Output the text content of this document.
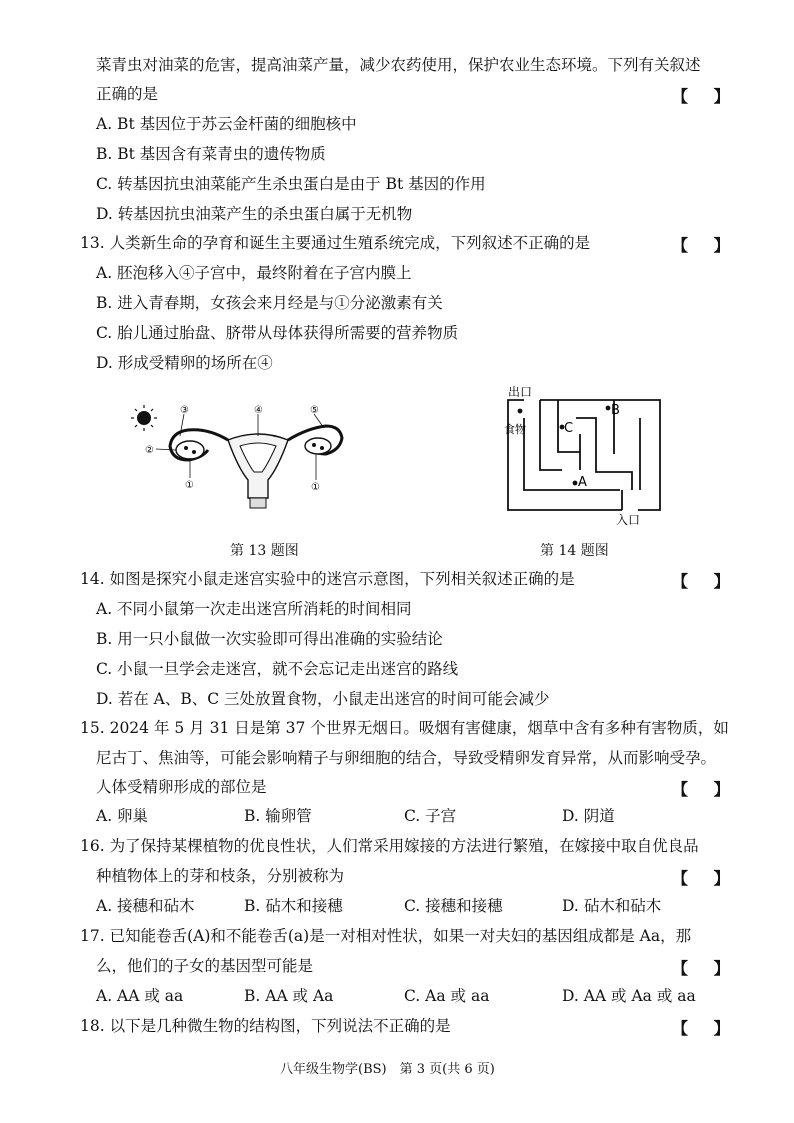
菜青虫对油菜的危害，提高油菜产量，减少农药使用，保护农业生态环境。下列有关叙述
正确的是	【 】
A. Bt 基因位于苏云金杆菌的细胞核中
B. Bt 基因含有菜青虫的遗传物质
C. 转基因抗虫油菜能产生杀虫蛋白是由于 Bt 基因的作用
D. 转基因抗虫油菜产生的杀虫蛋白属于无机物
13. 人类新生命的孕育和诞生主要通过生殖系统完成，下列叙述不正确的是	【 】
A. 胚泡移入④子宫中，最终附着在子宫内膜上
B. 进入青春期，女孩会来月经是与①分泌激素有关
C. 胎儿通过胎盘、脐带从母体获得所需要的营养物质
D. 形成受精卵的场所在④
③
②
④	⑤
①	①
第 13 题图
出口
食物	C
B
A
入口
第 14 题图
14. 如图是探究小鼠走迷宫实验中的迷宫示意图，下列相关叙述正确的是	【 】
A. 不同小鼠第一次走出迷宫所消耗的时间相同
B. 用一只小鼠做一次实验即可得出准确的实验结论
C. 小鼠一旦学会走迷宫，就不会忘记走出迷宫的路线
D. 若在 A、B、C 三处放置食物，小鼠走出迷宫的时间可能会减少
15. 2024 年 5 月 31 日是第 37 个世界无烟日。吸烟有害健康，烟草中含有多种有害物质，如
尼古丁、焦油等，可能会影响精子与卵细胞的结合，导致受精卵发育异常，从而影响受孕。
人体受精卵形成的部位是	【 】
A. 卵巢	B. 输卵管	C. 子宫	D. 阴道
16. 为了保持某棵植物的优良性状，人们常采用嫁接的方法进行繁殖，在嫁接中取自优良品
种植物体上的芽和枝条，分别被称为	【 】
A. 接穗和砧木	B. 砧木和接穗	C. 接穗和接穗	D. 砧木和砧木
17. 已知能卷舌(A)和不能卷舌(a)是一对相对性状，如果一对夫妇的基因组成都是 Aa，那
么，他们的子女的基因型可能是	【 】
A. AA 或 aa	B. AA 或 Aa	C. Aa 或 aa	D. AA 或 Aa 或 aa
18. 以下是几种微生物的结构图，下列说法不正确的是	【 】
八年级生物学(BS)　第 3 页(共 6 页)
